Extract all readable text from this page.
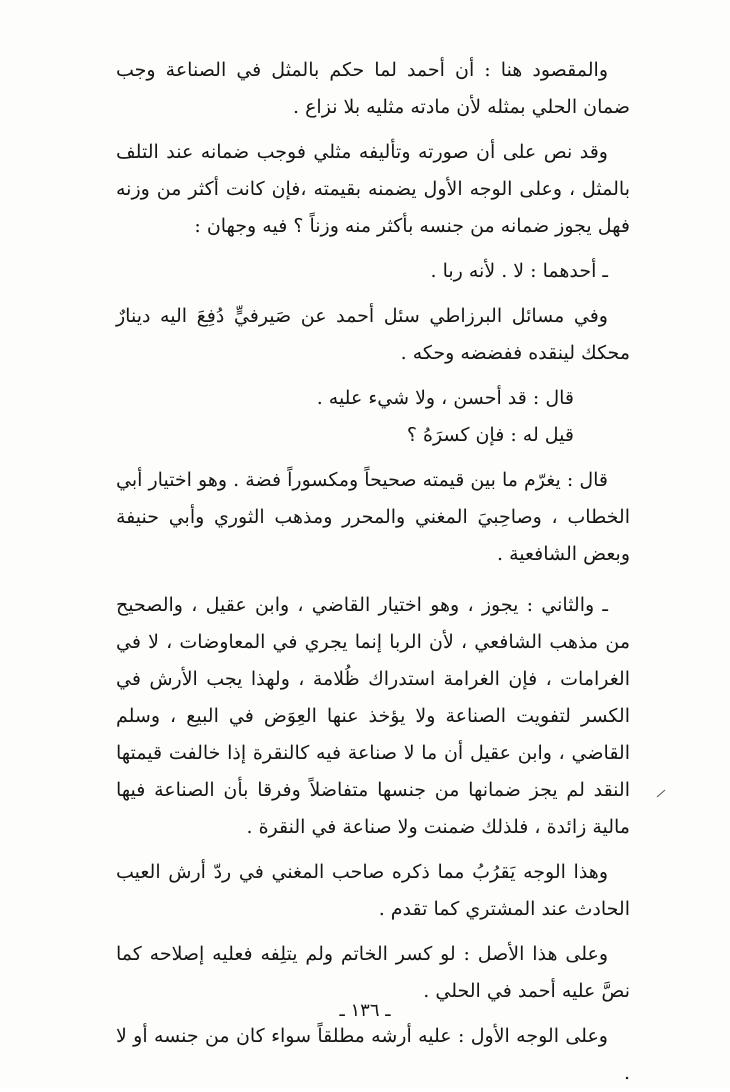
والمقصود هنا : أن أحمد لما حكم بالمثل في الصناعة وجب ضمان الحلي بمثله لأن مادته مثليه بلا نزاع .

وقد نص على أن صورته وتأليفه مثلي فوجب ضمانه عند التلف بالمثل ، وعلى الوجه الأول يضمنه بقيمته ،فإن كانت أكثر من وزنه فهل يجوز ضمانه من جنسه بأكثر منه وزناً ؟ فيه وجهان :

ـ أحدهما : لا . لأنه ربا .

وفي مسائل البرزاطي سئل أحمد عن صَيرفيٍّ دُفِعَ اليه دينارٌ محكك لينقده ففضضه وحكه .

قال : قد أحسن ، ولا شيء عليه .

قيل له : فإن كسرَهُ ؟

قال : يغرّم ما بين قيمته صحيحاً ومكسوراً فضة . وهو اختيار أبي الخطاب ، وصاحِبيَ المغني والمحرر ومذهب الثوري وأبي حنيفة وبعض الشافعية .

ـ والثاني : يجوز ، وهو اختيار القاضي ، وابن عقيل ، والصحيح من مذهب الشافعي ، لأن الربا إنما يجري في المعاوضات ، لا في الغرامات ، فإن الغرامة استدراك ظُلامة ، ولهذا يجب الأرش في الكسر لتفويت الصناعة ولا يؤخذ عنها العِوَض في البيع ، وسلم القاضي ، وابن عقيل أن ما لا صناعة فيه كالنقرة إذا خالفت قيمتها النقد لم يجز ضمانها من جنسها متفاضلاً وفرقا بأن الصناعة فيها مالية زائدة ، فلذلك ضمنت ولا صناعة في النقرة .

وهذا الوجه يَقرُبُ مما ذكره صاحب المغني في ردّ أرش العيب الحادث عند المشتري كما تقدم .

وعلى هذا الأصل : لو كسر الخاتم ولم يتلِفه فعليه إصلاحه كما نصَّ عليه أحمد في الحلي .

وعلى الوجه الأول : عليه أرشه مطلقاً سواء كان من جنسه أو لا .

ـ ١٣٦ ـ
